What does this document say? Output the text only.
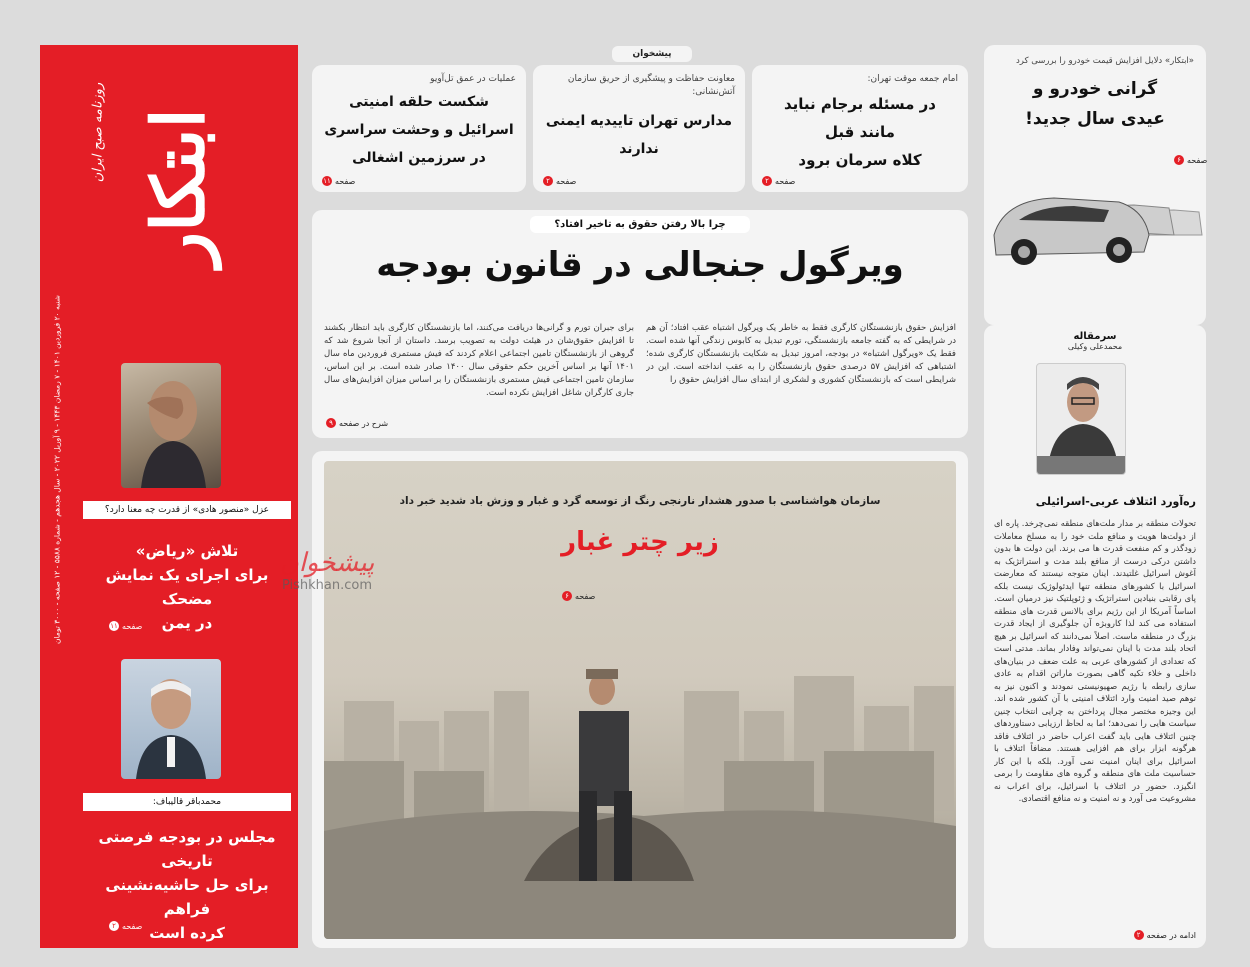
ابتکار
روزنامه صبح ایران
شنبه ۲۰ فروردین ۱۴۰۱ - ۷ رمضان ۱۴۴۳ - ۹ آوریل ۲۰۲۲ - سال هجدهم - شماره ۵۵۸۸ - ۱۲ صفحه - ۳۰۰۰ تومان
عزل «منصور هادی» از قدرت چه معنا دارد؟
تلاش «ریاض»
برای اجرای یک نمایش مضحک
در یمن
صفحه
۱۱
محمدباقر قالیباف:
مجلس در بودجه فرصتی تاریخی
برای حل حاشیه‌نشینی فراهم
کرده است
صفحه
۲
پیشخوان
امام جمعه موقت تهران:
در مسئله برجام نباید
مانند قبل
کلاه سرمان برود
صفحه
۲
معاونت حفاظت و پیشگیری از حریق سازمان آتش‌نشانی:
مدارس تهران تاییدیه ایمنی
ندارند
صفحه
۲
عملیات در عمق تل‌آویو
شکست حلقه امنیتی
اسرائیل و وحشت سراسری
در سرزمین اشغالی
صفحه
۱۱
«ابتکار» دلایل افزایش قیمت خودرو را بررسی کرد
گرانی خودرو و
عیدی سال جدید!
صفحه
۶
چرا بالا رفتن حقوق به تاخیر افتاد؟
ویرگول جنجالی در قانون بودجه
افزایش حقوق بازنشستگان کارگری فقط به خاطر یک ویرگول اشتباه عقب افتاد؛ آن هم در شرایطی که به گفته جامعه بازنشستگی، تورم تبدیل به کابوس زندگی آنها شده است. فقط یک «ویرگول اشتباه» در بودجه، امروز تبدیل به شکایت بازنشستگان کارگری شده؛ اشتباهی که افزایش ۵۷ درصدی حقوق بازنشستگان را به عقب انداخته است. این در شرایطی است که بازنشستگان کشوری و لشکری از ابتدای سال افزایش حقوق را
برای جبران تورم و گرانی‌ها دریافت می‌کنند، اما بازنشستگان کارگری باید انتظار بکشند تا افزایش حقوق‌شان در هیئت دولت به تصویب برسد. داستان از آنجا شروع شد که گروهی از بازنشستگان تامین اجتماعی اعلام کردند که فیش مستمری فروردین ماه سال ۱۴۰۱ آنها بر اساس آخرین حکم حقوقی سال ۱۴۰۰ صادر شده است. بر این اساس، سازمان تامین اجتماعی فیش مستمری بازنشستگان را بر اساس میزان افزایش‌های سال جاری کارگران شاغل افزایش نکرده است.
شرح در صفحه
۹
سرمقاله
محمدعلی وکیلی
ره‌آورد ائتلاف عربی-اسرائیلی
تحولات منطقه بر مدار ملت‌های منطقه نمی‌چرخد. پاره ای از دولت‌ها هویت و منافع ملت خود را به مسلخ معاملات زودگذر و کم منفعت قدرت ها می برند. این دولت ها بدون داشتن درکی درست از منافع بلند مدت و استراتژیک به آغوش اسرائیل غلتیدند. اینان متوجه نیستند که معارضت اسرائیل با کشورهای منطقه تنها ایدئولوژیک نیست بلکه پای رقابتی بنیادین استراتژیک و ژئوپلتیک نیز درمیان است. اساساً آمریکا از این رژیم برای بالانس قدرت های منطقه استفاده می کند لذا کاروبژه آن جلوگیری از ایجاد قدرت بزرگ در منطقه ماست. اصلاً نمی‌دانند که اسرائیل بر هیچ اتحاد بلند مدت با اینان نمی‌تواند وفادار بماند. مدتی است که تعدادی از کشورهای عربی به علت ضعف در بنیان‌های داخلی و خلاء تکیه گاهی بصورت ماراتن اقدام به عادی سازی رابطه با رژیم صهیونیستی نمودند و اکنون نیز به توهم صید امنیت وارد ائتلاف امنیتی با آن کشور شده اند. این وجیزه مختصر مجال پرداختن به چرایی انتخاب چنین سیاست هایی را نمی‌دهد؛ اما به لحاظ ارزیابی دستاوردهای چنین ائتلاف هایی باید گفت اعراب حاضر در ائتلاف فاقد هرگونه ابزار برای هم افزایی هستند. مضافاً ائتلاف با اسرائیل برای اینان امنیت نمی آورد. بلکه با این کار حساسیت ملت های منطقه و گروه های مقاومت را برمی انگیزد. حضور در ائتلاف با اسرائیل، برای اعراب نه مشروعیت می آورد و نه امنیت و نه منافع اقتصادی.
ادامه در صفحه
۲
سازمان هواشناسی با صدور هشدار نارنجی رنگ از توسعه گرد و غبار و وزش باد شدید خبر داد
زیر چتر غبار
صفحه
۶
پیشخوان
Pishkhan.com
